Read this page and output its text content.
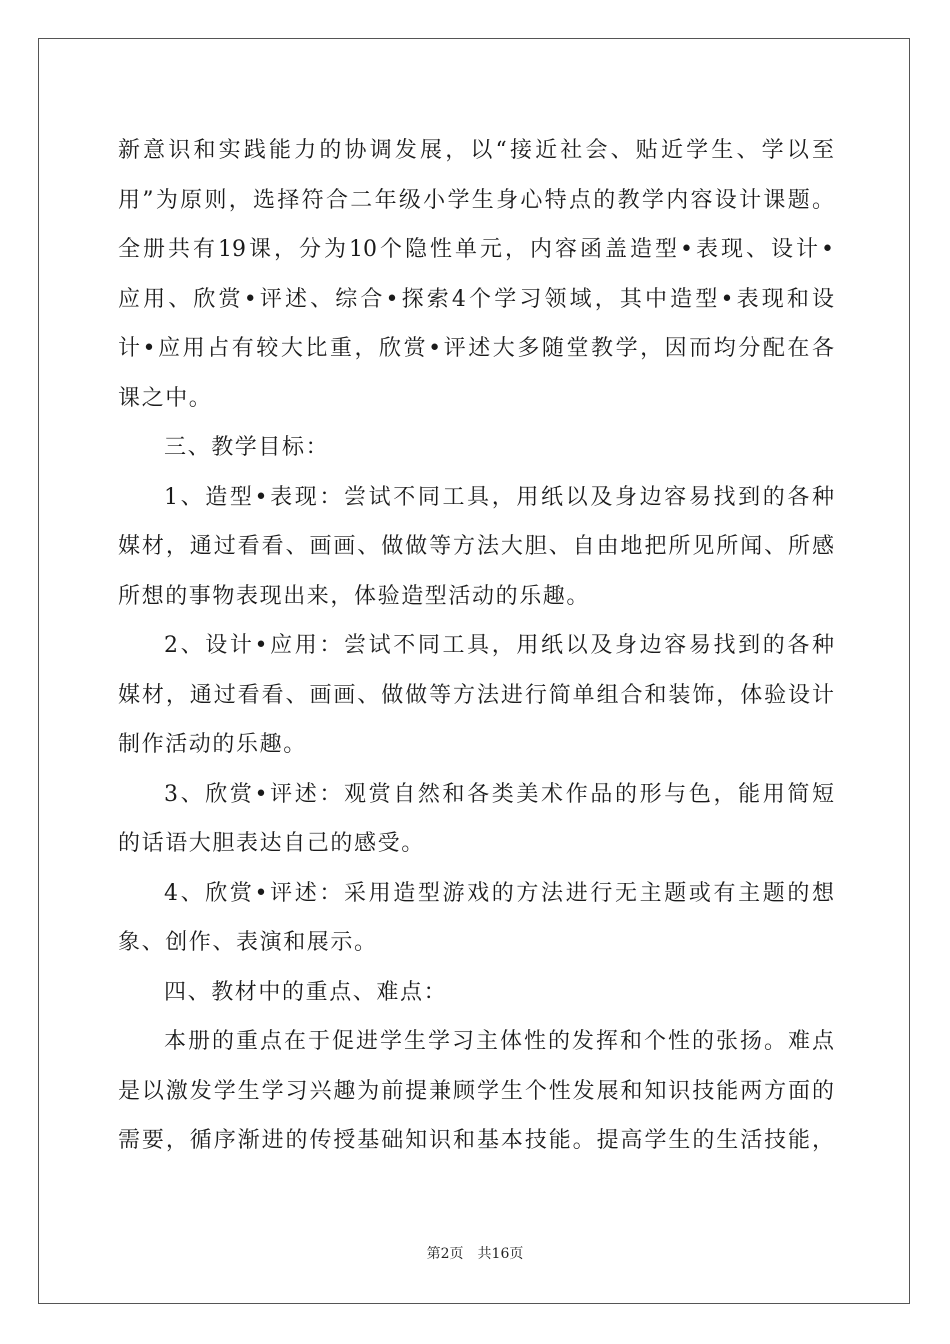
新意识和实践能力的协调发展，以“接近社会、贴近学生、学以至
用”为原则，选择符合二年级小学生身心特点的教学内容设计课题。
全册共有19课，分为10个隐性单元，内容函盖造型•表现、设计•
应用、欣赏•评述、综合•探索4个学习领域，其中造型•表现和设
计•应用占有较大比重，欣赏•评述大多随堂教学，因而均分配在各
课之中。
三、教学目标：
1、造型•表现：尝试不同工具，用纸以及身边容易找到的各种
媒材，通过看看、画画、做做等方法大胆、自由地把所见所闻、所感
所想的事物表现出来，体验造型活动的乐趣。
2、设计•应用：尝试不同工具，用纸以及身边容易找到的各种
媒材，通过看看、画画、做做等方法进行简单组合和装饰，体验设计
制作活动的乐趣。
3、欣赏•评述：观赏自然和各类美术作品的形与色，能用简短
的话语大胆表达自己的感受。
4、欣赏•评述：采用造型游戏的方法进行无主题或有主题的想
象、创作、表演和展示。
四、教材中的重点、难点：
本册的重点在于促进学生学习主体性的发挥和个性的张扬。难点
是以激发学生学习兴趣为前提兼顾学生个性发展和知识技能两方面的
需要，循序渐进的传授基础知识和基本技能。提高学生的生活技能，
第2页 共16页
